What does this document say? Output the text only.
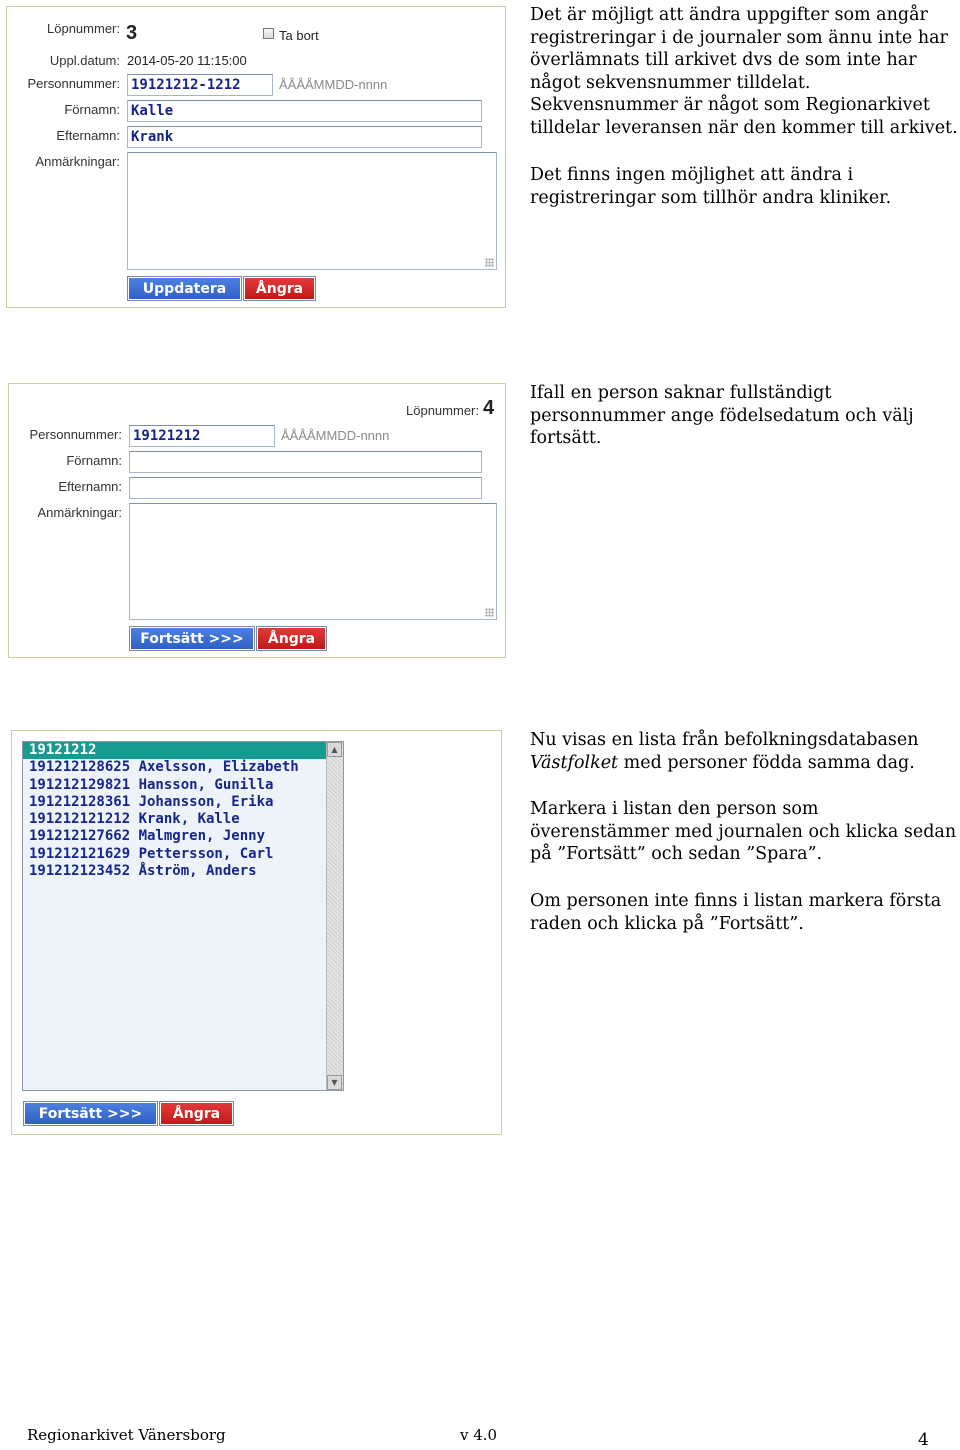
Löpnummer: 3	Ta bort
Uppl.datum: 2014-05-20 11:15:00
Personnummer: 19121212-1212	ÅÅÅÅMMDD-nnnn
Förnamn: Kalle
Efternamn: Krank
Anmärkningar:
Uppdatera	Ångra
Löpnummer: 4
Personnummer: 19121212	ÅÅÅÅMMDD-nnnn
Förnamn:
Efternamn:
Anmärkningar:
Fortsätt >>>	Ångra
19121212
191212128625 Axelsson, Elizabeth
191212129821 Hansson, Gunilla
191212128361 Johansson, Erika
191212121212 Krank, Kalle
191212127662 Malmgren, Jenny
191212121629 Pettersson, Carl
191212123452 Åström, Anders
▲
▼
Fortsätt >>>	Ångra

Det är möjligt att ändra uppgifter som angår registreringar i de journaler som ännu inte har överlämnats till arkivet dvs de som inte har något sekvensnummer tilldelat. Sekvensnummer är något som Regionarkivet tilldelar leveransen när den kommer till arkivet.

Det finns ingen möjlighet att ändra i registreringar som tillhör andra kliniker.

Ifall en person saknar fullständigt personnummer ange födelsedatum och välj fortsätt.

Nu visas en lista från befolkningsdatabasen Västfolket med personer födda samma dag.

Markera i listan den person som överenstämmer med journalen och klicka sedan på ”Fortsätt” och sedan ”Spara”.

Om personen inte finns i listan markera första raden och klicka på ”Fortsätt”.

Regionarkivet Vänersborg	v 4.0	4
